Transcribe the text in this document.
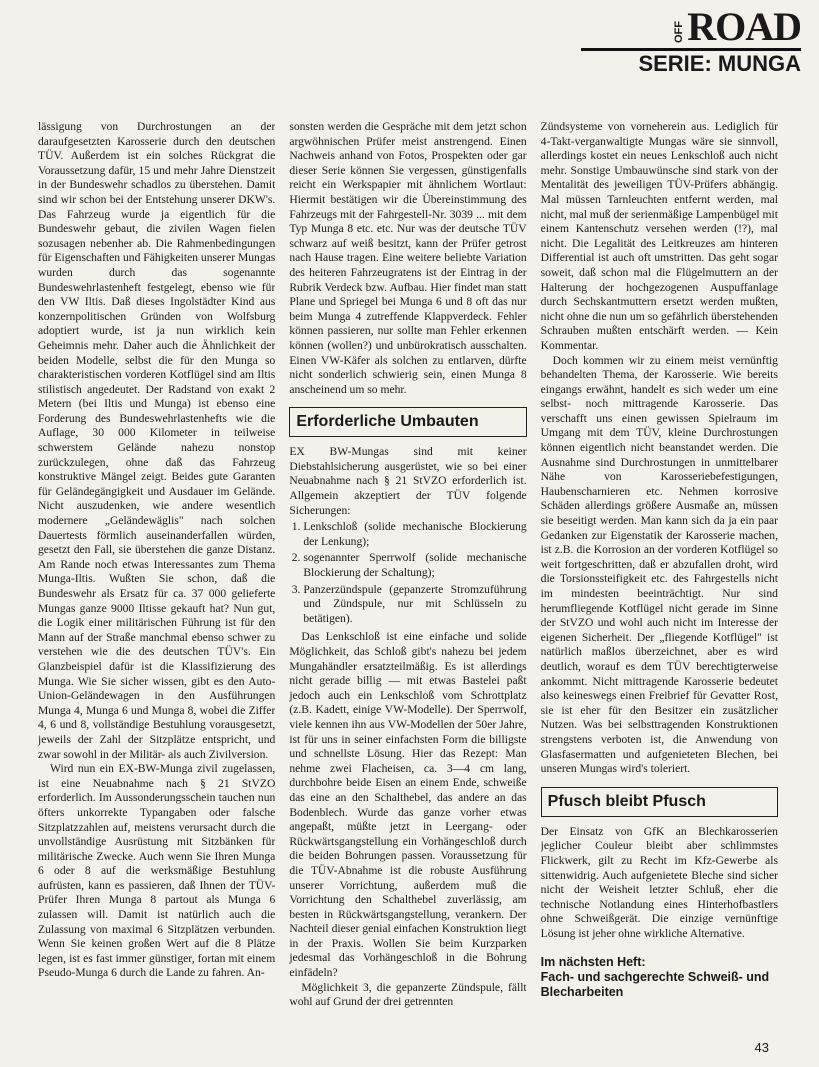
OFF ROAD
SERIE: MUNGA

lässigung von Durchrostungen an der daraufgesetzten Karosserie durch den deutschen TÜV. Außerdem ist ein solches Rückgrat die Voraussetzung dafür, 15 und mehr Jahre Dienstzeit in der Bundeswehr schadlos zu überstehen. Damit sind wir schon bei der Entstehung unserer DKW's. Das Fahrzeug wurde ja eigentlich für die Bundeswehr gebaut, die zivilen Wagen fielen sozusagen nebenher ab. Die Rahmenbedingungen für Eigenschaften und Fähigkeiten unserer Mungas wurden durch das sogenannte Bundeswehrlastenheft festgelegt, ebenso wie für den VW Iltis. Daß dieses Ingolstädter Kind aus konzernpolitischen Gründen von Wolfsburg adoptiert wurde, ist ja nun wirklich kein Geheimnis mehr. Daher auch die Ähnlichkeit der beiden Modelle, selbst die für den Munga so charakteristischen vorderen Kotflügel sind am Iltis stilistisch angedeutet. Der Radstand von exakt 2 Metern (bei Iltis und Munga) ist ebenso eine Forderung des Bundeswehrlastenhefts wie die Auflage, 30 000 Kilometer in teilweise schwerstem Gelände nahezu nonstop zurückzulegen, ohne daß das Fahrzeug konstruktive Mängel zeigt. Beides gute Garanten für Geländegängigkeit und Ausdauer im Gelände. Nicht auszudenken, wie andere wesentlich modernere „Geländewäglis" nach solchen Dauertests förmlich auseinanderfallen würden, gesetzt den Fall, sie überstehen die ganze Distanz. Am Rande noch etwas Interessantes zum Thema Munga-Iltis. Wußten Sie schon, daß die Bundeswehr als Ersatz für ca. 37 000 gelieferte Mungas ganze 9000 Iltisse gekauft hat? Nun gut, die Logik einer militärischen Führung ist für den Mann auf der Straße manchmal ebenso schwer zu verstehen wie die des deutschen TÜV's. Ein Glanzbeispiel dafür ist die Klassifizierung des Munga. Wie Sie sicher wissen, gibt es den Auto-Union-Geländewagen in den Ausführungen Munga 4, Munga 6 und Munga 8, wobei die Ziffer 4, 6 und 8, vollständige Bestuhlung vorausgesetzt, jeweils der Zahl der Sitzplätze entspricht, und zwar sowohl in der Militär- als auch Zivilversion.

Wird nun ein EX-BW-Munga zivil zugelassen, ist eine Neuabnahme nach § 21 StVZO erforderlich. Im Aussonderungsschein tauchen nun öfters unkorrekte Typangaben oder falsche Sitzplatzzahlen auf, meistens verursacht durch die unvollständige Ausrüstung mit Sitzbänken für militärische Zwecke. Auch wenn Sie Ihren Munga 6 oder 8 auf die werksmäßige Bestuhlung aufrüsten, kann es passieren, daß Ihnen der TÜV-Prüfer Ihren Munga 8 partout als Munga 6 zulassen will. Damit ist natürlich auch die Zulassung von maximal 6 Sitzplätzen verbunden. Wenn Sie keinen großen Wert auf die 8 Plätze legen, ist es fast immer günstiger, fortan mit einem Pseudo-Munga 6 durch die Lande zu fahren. An-

sonsten werden die Gespräche mit dem jetzt schon argwöhnischen Prüfer meist anstrengend. Einen Nachweis anhand von Fotos, Prospekten oder gar dieser Serie können Sie vergessen, günstigenfalls reicht ein Werkspapier mit ähnlichem Wortlaut: Hiermit bestätigen wir die Übereinstimmung des Fahrzeugs mit der Fahrgestell-Nr. 3039 ... mit dem Typ Munga 8 etc. etc. Nur was der deutsche TÜV schwarz auf weiß besitzt, kann der Prüfer getrost nach Hause tragen. Eine weitere beliebte Variation des heiteren Fahrzeugratens ist der Eintrag in der Rubrik Verdeck bzw. Aufbau. Hier findet man statt Plane und Spriegel bei Munga 6 und 8 oft das nur beim Munga 4 zutreffende Klappverdeck. Fehler können passieren, nur sollte man Fehler erkennen können (wollen?) und unbürokratisch ausschalten. Einen VW-Käfer als solchen zu entlarven, dürfte nicht sonderlich schwierig sein, einen Munga 8 anscheinend um so mehr.

Erforderliche Umbauten

EX BW-Mungas sind mit keiner Diebstahlsicherung ausgerüstet, wie so bei einer Neuabnahme nach § 21 StVZO erforderlich ist. Allgemein akzeptiert der TÜV folgende Sicherungen:

1. Lenkschloß (solide mechanische Blockierung der Lenkung);
2. sogenannter Sperrwolf (solide mechanische Blockierung der Schaltung);
3. Panzerzündspule (gepanzerte Stromzuführung und Zündspule, nur mit Schlüsseln zu betätigen).

Das Lenkschloß ist eine einfache und solide Möglichkeit, das Schloß gibt's nahezu bei jedem Mungahändler ersatzteilmäßig. Es ist allerdings nicht gerade billig — mit etwas Bastelei paßt jedoch auch ein Lenkschloß vom Schrottplatz (z.B. Kadett, einige VW-Modelle). Der Sperrwolf, viele kennen ihn aus VW-Modellen der 50er Jahre, ist für uns in seiner einfachsten Form die billigste und schnellste Lösung. Hier das Rezept: Man nehme zwei Flacheisen, ca. 3—4 cm lang, durchbohre beide Eisen an einem Ende, schweiße das eine an den Schalthebel, das andere an das Bodenblech. Wurde das ganze vorher etwas angepaßt, müßte jetzt in Leergang- oder Rückwärtsgangstellung ein Vorhängeschloß durch die beiden Bohrungen passen. Voraussetzung für die TÜV-Abnahme ist die robuste Ausführung unserer Vorrichtung, außerdem muß die Vorrichtung den Schalthebel zuverlässig, am besten in Rückwärtsgangstellung, verankern. Der Nachteil dieser genial einfachen Konstruktion liegt in der Praxis. Wollen Sie beim Kurzparken jedesmal das Vorhängeschloß in die Bohrung einfädeln?

Möglichkeit 3, die gepanzerte Zündspule, fällt wohl auf Grund der drei getrennten

Zündsysteme von vorneherein aus. Lediglich für 4-Takt-verganwaltigte Mungas wäre sie sinnvoll, allerdings kostet ein neues Lenkschloß auch nicht mehr. Sonstige Umbauwünsche sind stark von der Mentalität des jeweiligen TÜV-Prüfers abhängig. Mal müssen Tarnleuchten entfernt werden, mal nicht, mal muß der serienmäßige Lampenbügel mit einem Kantenschutz versehen werden (!?), mal nicht. Die Legalität des Leitkreuzes am hinteren Differential ist auch oft umstritten. Das geht sogar soweit, daß schon mal die Flügelmuttern an der Halterung der hochgezogenen Auspuffanlage durch Sechskantmuttern ersetzt werden mußten, nicht ohne die nun um so gefährlich überstehenden Schrauben mußten entschärft werden. — Kein Kommentar.

Doch kommen wir zu einem meist vernünftig behandelten Thema, der Karosserie. Wie bereits eingangs erwähnt, handelt es sich weder um eine selbst- noch mittragende Karosserie. Das verschafft uns einen gewissen Spielraum im Umgang mit dem TÜV, kleine Durchrostungen können eigentlich nicht beanstandet werden. Die Ausnahme sind Durchrostungen in unmittelbarer Nähe von Karosseriebefestigungen, Haubenscharnieren etc. Nehmen korrosive Schäden allerdings größere Ausmaße an, müssen sie beseitigt werden. Man kann sich da ja ein paar Gedanken zur Eigenstatik der Karosserie machen, ist z.B. die Korrosion an der vorderen Kotflügel so weit fortgeschritten, daß er abzufallen droht, wird die Torsionssteifigkeit etc. des Fahrgestells nicht im mindesten beeinträchtigt. Nur sind herumfliegende Kotflügel nicht gerade im Sinne der StVZO und wohl auch nicht im Interesse der eigenen Sicherheit. Der „fliegende Kotflügel" ist natürlich maßlos überzeichnet, aber es wird deutlich, worauf es dem TÜV berechtigterweise ankommt. Nicht mittragende Karosserie bedeutet also keineswegs einen Freibrief für Gevatter Rost, sie ist eher für den Besitzer ein zusätzlicher Nutzen. Was bei selbsttragenden Konstruktionen strengstens verboten ist, die Anwendung von Glasfasermatten und aufgenieteten Blechen, bei unseren Mungas wird's toleriert.

Pfusch bleibt Pfusch

Der Einsatz von GfK an Blechkarosserien jeglicher Couleur bleibt aber schlimmstes Flickwerk, gilt zu Recht im Kfz-Gewerbe als sittenwidrig. Auch aufgenietete Bleche sind sicher nicht der Weisheit letzter Schluß, eher die technische Notlandung eines Hinterhofbastlers ohne Schweißgerät. Die einzige vernünftige Lösung ist jeher ohne wirkliche Alternative.

Im nächsten Heft:
Fach- und sachgerechte Schweiß- und Blecharbeiten
43
